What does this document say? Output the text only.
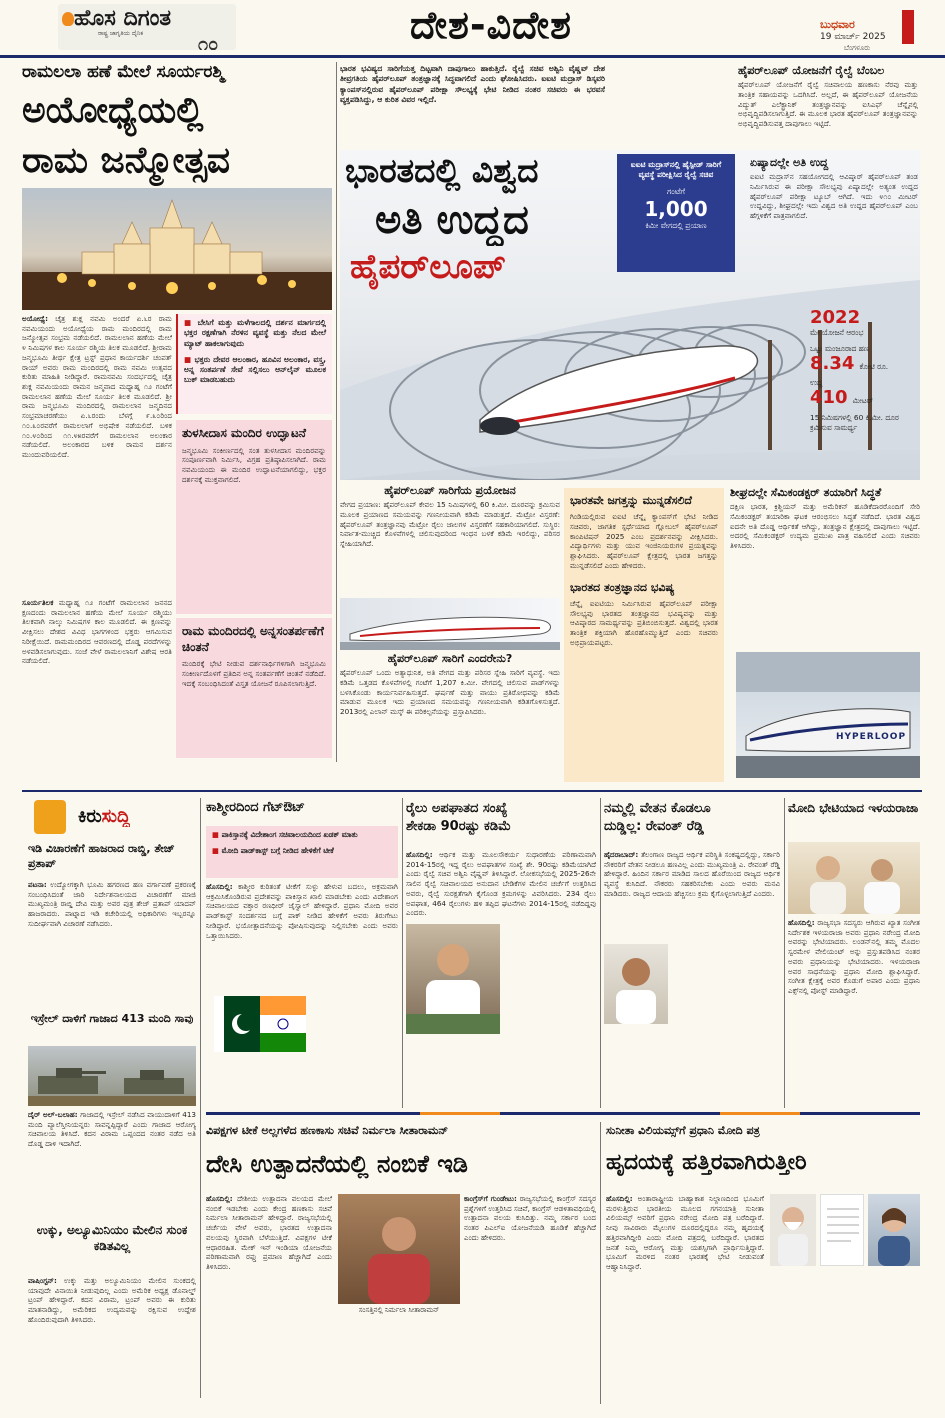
ಹೊಸ ದಿಗಂತ
ರಾಷ್ಟ್ರ ಜಾಗೃತಿಯ ದೈನಿಕ
೧೦	ದೇಶ-ವಿದೇಶ	ಬುಧವಾರ
19 ಮಾರ್ಚ್ 2025
ಬೆಂಗಳೂರು
ರಾಮಲಲಾ ಹಣೆ ಮೇಲೆ ಸೂರ್ಯರಶ್ಮಿ
ಅಯೋಧ್ಯೆಯಲ್ಲಿ
ರಾಮ ಜನ್ಮೋತ್ಸವ
ಅಯೋಧ್ಯೆ: ಚೈತ್ರ ಶುಕ್ಲ ನವಮಿ ಅಂದರೆ ಏ.೬ರ ರಾಮ ನವಮಿಯಂದು ಅಯೋಧ್ಯೆಯ ರಾಮ ಮಂದಿರದಲ್ಲಿ ರಾಮ ಜನ್ಮೋತ್ಸವ ಸಂಭ್ರಮ ನಡೆಯಲಿದೆ. ರಾಮಲಲಾನ ಹಣೆಯ ಮೇಲೆ ೪ ನಿಮಿಷಗಳ ಕಾಲ ಸೂರ್ಯ ರಶ್ಮಿಯ ತಿಲಕ ಮೂಡಲಿದೆ. ಶ್ರೀರಾಮ ಜನ್ಮಭೂಮಿ ತೀರ್ಥ ಕ್ಷೇತ್ರ ಟ್ರಸ್ಟ್ ಪ್ರಧಾನ ಕಾರ್ಯದರ್ಶಿ ಚಂಪತ್ ರಾಯ್ ಅವರು ರಾಮ ಮಂದಿರದಲ್ಲಿ ರಾಮ ನವಮಿ ಉತ್ಸವದ ಕುರಿತು ಮಾಹಿತಿ ನೀಡಿದ್ದಾರೆ. ರಾಮನವಮಿ ಸಂದರ್ಭದಲ್ಲಿ ಚೈತ್ರ ಶುಕ್ಲ ನವಮಿಯಂದು ರಾಮನ ಜನ್ಮವಾದ ಮಧ್ಯಾಹ್ನ ೧೨ ಗಂಟೆಗೆ ರಾಮಲಲಾನ ಹಣೆಯ ಮೇಲೆ ಸೂರ್ಯ ತಿಲಕ ಮೂಡಲಿದೆ. ಶ್ರೀ ರಾಮ ಜನ್ಮಭೂಮಿ ಮಂದಿರದಲ್ಲಿ ರಾಮಲಲಾನ ಜನ್ಮದಿನದ ಸಂಭ್ರಮಾಚರಣೆಯು ಏ.೬ರಂದು ಬೆಳಗ್ಗೆ ೯.೩೦ರಿಂದ ೧೦.೩೦ರವರೆಗೆ ರಾಮಲಲಾಗೆ ಅಭಿಷೇಕ ನಡೆಯಲಿದೆ. ಬಳಿಕ ೧೦.೪೦ರಿಂದ ೧೧.೪೫ರವರೆಗೆ ರಾಮಲಲಾನ ಅಲಂಕಾರ ನಡೆಯಲಿದೆ. ಅಲಂಕಾರದ ಬಳಿಕ ರಾಮನ ದರ್ಶನ ಮುಂದುವರಿಯಲಿದೆ.
ಸೂರ್ಯತಿಲಕ ಮಧ್ಯಾಹ್ನ ೧೨ ಗಂಟೆಗೆ ರಾಮಲಲಾನ ಜನನದ ಕ್ಷಣದಂದು ರಾಮಲಲಾನ ಹಣೆಯ ಮೇಲೆ ಸೂರ್ಯ ರಶ್ಮಿಯು ತಿಲಕವಾಗಿ ನಾಲ್ಕು ನಿಮಿಷಗಳ ಕಾಲ ಮೂಡಲಿದೆ. ಈ ಕ್ಷಣವನ್ನು ವೀಕ್ಷಿಸಲು ದೇಶದ ವಿವಿಧ ಭಾಗಗಳಿಂದ ಭಕ್ತರು ಆಗಮಿಸುವ ನಿರೀಕ್ಷೆಯಿದೆ. ರಾಮಮಂದಿರದ ಆವರಣದಲ್ಲಿ ದೊಡ್ಡ ಪರದೆಗಳನ್ನು ಅಳವಡಿಸಲಾಗುವುದು. ಸಂಜೆ ವೇಳೆ ರಾಮಲಲಾನಿಗೆ ವಿಶೇಷ ಆರತಿ ನಡೆಯಲಿದೆ.
■ ಬೇಸಿಗೆ ಮತ್ತು ಮಳೆಗಾಲದಲ್ಲಿ ದರ್ಶನ ಮಾರ್ಗದಲ್ಲಿ ಭಕ್ತರ ರಕ್ಷಣೆಗಾಗಿ ನೆರಳಿನ ವ್ಯವಸ್ಥೆ ಮತ್ತು ನೆಲದ ಮೇಲೆ ಮ್ಯಾಟ್ ಹಾಕಲಾಗುವುದು
■ ಭಕ್ತರು ದೇವರ ಆಲಂಕಾರ, ಹೂವಿನ ಅಲಂಕಾರ, ವಸ್ತ್ರ, ಅನ್ನ ಸಂತರ್ಪಣೆ ಸೇವೆ ಸಲ್ಲಿಸಲು ಆನ್‌ಲೈನ್ ಮೂಲಕ ಬುಕ್ ಮಾಡಬಹುದು
ತುಳಸೀದಾಸ ಮಂದಿರ ಉದ್ಘಾಟನೆ
ಜನ್ಮಭೂಮಿ ಸಂಕೀರ್ಣದಲ್ಲಿ ಸಂತ ತುಳಸೀದಾಸ ಮಂದಿರವನ್ನು ಸಂಪೂರ್ಣವಾಗಿ ನಿರ್ಮಿಸಿ, ವಿಗ್ರಹ ಪ್ರತಿಷ್ಠಾಪಿಸಲಾಗಿದೆ. ರಾಮ ನವಮಿಯಂದು ಈ ಮಂದಿರ ಉದ್ಘಾಟನೆಯಾಗಲಿದ್ದು, ಭಕ್ತರ ದರ್ಶನಕ್ಕೆ ಮುಕ್ತವಾಗಲಿದೆ.
ರಾಮ ಮಂದಿರದಲ್ಲಿ ಅನ್ನಸಂತರ್ಪಣೆಗೆ ಚಿಂತನೆ
ಮಂದಿರಕ್ಕೆ ಭೇಟಿ ನೀಡುವ ದರ್ಶನಾರ್ಥಿಗಳಿಗಾಗಿ ಜನ್ಮಭೂಮಿ ಸಂಕೀರ್ಣದೊಳಗೆ ಪ್ರತಿದಿನ ಅನ್ನ ಸಂತರ್ಪಣೆಗೆ ಚಿಂತನೆ ನಡೆದಿದೆ. ಇದಕ್ಕೆ ಸಂಬಂಧಿಸಿದಂತೆ ವಿಸ್ತೃತ ಯೋಜನೆ ರೂಪಿಸಲಾಗುತ್ತಿದೆ.
ಭಾರತ ಭವಿಷ್ಯದ ಸಾರಿಗೆಯತ್ತ ದಿಟ್ಟವಾಗಿ ದಾಪುಗಾಲು ಹಾಕುತ್ತಿದೆ. ರೈಲ್ವೆ ಸಚಿವ ಅಶ್ವಿನಿ ವೈಷ್ಣವ್ ದೇಶ ತೀವ್ರಗತಿಯ ಹೈಪರ್‌ಲೂಪ್ ತಂತ್ರಜ್ಞಾನಕ್ಕೆ ಸಿದ್ಧವಾಗಲಿದೆ ಎಂದು ಘೋಷಿಸಿದರು. ಐಐಟಿ ಮದ್ರಾಸ್ ಡಿಸ್ಕವರಿ ಕ್ಯಾಂಪಸ್‌ನಲ್ಲಿರುವ ಹೈಪರ್‌ಲೂಪ್ ಪರೀಕ್ಷಾ ಸೌಲಭ್ಯಕ್ಕೆ ಭೇಟಿ ನೀಡಿದ ನಂತರ ಸಚಿವರು ಈ ಭರವಸೆ ವ್ಯಕ್ತಪಡಿಸಿದ್ದು, ಆ ಕುರಿತ ವಿವರ ಇಲ್ಲಿದೆ.
ಭಾರತದಲ್ಲಿ ವಿಶ್ವದ
ಅತಿ ಉದ್ದದ
ಹೈಪರ್‌ಲೂಪ್
ಐಐಟಿ ಮದ್ರಾಸ್‌ನಲ್ಲಿ ಹೈಸ್ಪೀಡ್ ಸಾರಿಗೆ ವ್ಯವಸ್ಥೆ ಪರೀಕ್ಷಿಸಿದ ರೈಲ್ವೆ ಸಚಿವ
ಗಂಟೆಗೆ
1,000
ಕಿಮೀ ವೇಗದಲ್ಲಿ ಪ್ರಯಾಣ
ಹೈಪರ್‌ಲೂಪ್ ಯೋಜನೆಗೆ ರೈಲ್ವೆ ಬೆಂಬಲ
ಹೈಪರ್‌ಲೂಪ್ ಯೋಜನೆಗೆ ರೈಲ್ವೆ ಸಚಿವಾಲಯ ಹಣಕಾಸು ನೆರವು ಮತ್ತು ತಾಂತ್ರಿಕ ಸಹಾಯವನ್ನು ಒದಗಿಸಿದೆ. ಅಲ್ಲದೆ, ಈ ಹೈಪರ್‌ಲೂಪ್ ಯೋಜನೆಯ ವಿದ್ಯುತ್ ಎಲೆಕ್ಟ್ರಾನಿಕ್ ತಂತ್ರಜ್ಞಾನವನ್ನು ಐಸಿಎಫ್ ಚೆನ್ನೈನಲ್ಲಿ ಅಭಿವೃದ್ಧಿಪಡಿಸಲಾಗುತ್ತಿದೆ. ಈ ಮೂಲಕ ಭಾರತ ಹೈಪರ್‌ಲೂಪ್ ತಂತ್ರಜ್ಞಾನವನ್ನು ಅಭಿವೃದ್ಧಿಪಡಿಸುವತ್ತ ದಾಪುಗಾಲು ಇಟ್ಟಿದೆ.
ಏಷ್ಯಾದಲ್ಲೇ ಅತಿ ಉದ್ದ
ಐಐಟಿ ಮದ್ರಾಸ್‌ನ ಸಹಯೋಗದಲ್ಲಿ ಆವಿಷ್ಕಾರ್ ಹೈಪರ್‌ಲೂಪ್ ತಂಡ ನಿರ್ಮಿಸಿರುವ ಈ ಪರೀಕ್ಷಾ ಸೌಲಭ್ಯವು ಏಷ್ಯಾದಲ್ಲೇ ಅತ್ಯಂತ ಉದ್ದದ ಹೈಪರ್‌ಲೂಪ್ ಪರೀಕ್ಷಾ ಟ್ಯೂಬ್ ಆಗಿದೆ. ಇದು ೪೧೦ ಮೀಟರ್ ಉದ್ದವಿದ್ದು, ಶೀಘ್ರದಲ್ಲೇ ಇದು ವಿಶ್ವದ ಅತಿ ಉದ್ದದ ಹೈಪರ್‌ಲೂಪ್ ಎಂಬ ಹೆಗ್ಗಳಿಕೆಗೆ ಪಾತ್ರವಾಗಲಿದೆ.
2022
ಮೇ ಯೋಜನೆ ಆರಂಭ
ಒಟ್ಟು ಮಂಜೂರಾದ ಹಣ
8.34 ಕೋಟಿ ರೂ.
ಉದ್ದ
410 ಮೀಟರ್
15 ನಿಮಿಷಗಳಲ್ಲಿ 60 ಕಿ.ಮೀ. ದೂರ ಕ್ರಮಿಸುವ ಸಾಮರ್ಥ್ಯ
ಹೈಪರ್‌ಲೂಪ್ ಸಾರಿಗೆಯ ಪ್ರಯೋಜನ
ವೇಗದ ಪ್ರಯಾಣ: ಹೈಪರ್‌ಲೂಪ್ ಕೇವಲ 15 ನಿಮಿಷಗಳಲ್ಲಿ 60 ಕಿ.ಮೀ. ದೂರವನ್ನು ಕ್ರಮಿಸುವ ಮೂಲಕ ಪ್ರಯಾಣದ ಸಮಯವನ್ನು ಗಣನೀಯವಾಗಿ ಕಡಿಮೆ ಮಾಡುತ್ತದೆ. ಮೆಟ್ರೋ ವಿಸ್ತರಣೆ: ಹೈಪರ್‌ಲೂಪ್ ತಂತ್ರಜ್ಞಾನವು ಮೆಟ್ರೋ ರೈಲು ಜಾಲಗಳ ವಿಸ್ತರಣೆಗೆ ಸಹಕಾರಿಯಾಗಲಿದೆ. ಸುಸ್ಥಿರ: ನಿರ್ವಾತ-ಮುಚ್ಚಿದ ಕೊಳವೆಗಳಲ್ಲಿ ಚಲಿಸುವುದರಿಂದ ಇಂಧನ ಬಳಕೆ ಕಡಿಮೆ ಇರಲಿದ್ದು, ಪರಿಸರ ಸ್ನೇಹಿಯಾಗಿದೆ.
ಹೈಪರ್‌ಲೂಪ್ ಸಾರಿಗೆ ಎಂದರೇನು?
ಹೈಪರ್‌ಲೂಪ್ ಒಂದು ಅತ್ಯಾಧುನಿಕ, ಅತಿ ವೇಗದ ಮತ್ತು ಪರಿಸರ ಸ್ನೇಹಿ ಸಾರಿಗೆ ವ್ಯವಸ್ಥೆ. ಇದು ಕಡಿಮೆ ಒತ್ತಡದ ಕೊಳವೆಗಳಲ್ಲಿ ಗಂಟೆಗೆ 1,207 ಕಿ.ಮೀ. ವೇಗದಲ್ಲಿ ಚಲಿಸುವ ಪಾಡ್‌ಗಳನ್ನು ಬಳಸಿಕೊಂಡು ಕಾರ್ಯನಿರ್ವಹಿಸುತ್ತದೆ. ಘರ್ಷಣೆ ಮತ್ತು ವಾಯು ಪ್ರತಿರೋಧವನ್ನು ಕಡಿಮೆ ಮಾಡುವ ಮೂಲಕ ಇದು ಪ್ರಯಾಣದ ಸಮಯವನ್ನು ಗಣನೀಯವಾಗಿ ಕಡಿತಗೊಳಿಸುತ್ತದೆ. 2013ರಲ್ಲಿ ಎಲಾನ್ ಮಸ್ಕ್ ಈ ಪರಿಕಲ್ಪನೆಯನ್ನು ಪ್ರಸ್ತಾಪಿಸಿದರು.
ಭಾರತವೇ ಜಗತ್ತನ್ನು ಮುನ್ನಡೆಸಲಿದೆ
ಗಿಂಡಿಯಲ್ಲಿರುವ ಐಐಟಿ ಚೆನ್ನೈ ಕ್ಯಾಂಪಸ್‌ಗೆ ಭೇಟಿ ನೀಡಿದ ಸಚಿವರು, ಜಾಗತಿಕ ಸ್ಪರ್ಧೆಯಾದ ಗ್ಲೋಬಲ್ ಹೈಪರ್‌ಲೂಪ್ ಕಾಂಪಿಟಿಷನ್ 2025 ಎಂಬ ಪ್ರದರ್ಶನವನ್ನು ವೀಕ್ಷಿಸಿದರು. ವಿದ್ಯಾರ್ಥಿಗಳು ಮತ್ತು ಯುವ ಇಂಜಿನಿಯರುಗಳ ಪ್ರಯತ್ನವನ್ನು ಶ್ಲಾಘಿಸಿದರು. ಹೈಪರ್‌ಲೂಪ್ ಕ್ಷೇತ್ರದಲ್ಲಿ ಭಾರತ ಜಗತ್ತನ್ನು ಮುನ್ನಡೆಸಲಿದೆ ಎಂದು ಹೇಳಿದರು.
ಭಾರತದ ತಂತ್ರಜ್ಞಾನದ ಭವಿಷ್ಯ
ಚೆನ್ನೈ ಐಐಟಿಯು ನಿರ್ಮಿಸಿರುವ ಹೈಪರ್‌ಲೂಪ್ ಪರೀಕ್ಷಾ ಸೌಲಭ್ಯವು ಭಾರತದ ತಂತ್ರಜ್ಞಾನದ ಭವಿಷ್ಯವನ್ನು ಮತ್ತು ಆವಿಷ್ಕಾರದ ಸಾಮರ್ಥ್ಯವನ್ನು ಪ್ರತಿಬಿಂಬಿಸುತ್ತದೆ. ವಿಶ್ವದಲ್ಲಿ ಭಾರತ ತಾಂತ್ರಿಕ ಶಕ್ತಿಯಾಗಿ ಹೊರಹೊಮ್ಮುತ್ತಿದೆ ಎಂದು ಸಚಿವರು ಅಭಿಪ್ರಾಯಪಟ್ಟರು.
ಶೀಘ್ರದಲ್ಲೇ ಸೆಮಿಕಂಡಕ್ಟರ್ ತಯಾರಿಗೆ ಸಿದ್ಧತೆ
ದಕ್ಷಿಣ ಭಾರತ, ಕ್ರಿಶ್ಚಿಯನ್ ಮತ್ತು ಅಮೆರಿಕನ್ ಹೂಡಿಕೆದಾರರೊಂದಿಗೆ ಸೇರಿ ಸೆಮಿಕಂಡಕ್ಟರ್ ತಯಾರಿಕಾ ಘಟಕ ಆರಂಭಿಸಲು ಸಿದ್ಧತೆ ನಡೆದಿದೆ. ಭಾರತ ವಿಶ್ವದ ಐದನೇ ಅತಿ ದೊಡ್ಡ ಆರ್ಥಿಕತೆ ಆಗಿದ್ದು, ತಂತ್ರಜ್ಞಾನ ಕ್ಷೇತ್ರದಲ್ಲಿ ದಾಪುಗಾಲು ಇಟ್ಟಿದೆ. ಅದರಲ್ಲಿ ಸೆಮಿಕಂಡಕ್ಟರ್ ಉದ್ಯಮ ಪ್ರಮುಖ ಪಾತ್ರ ವಹಿಸಲಿದೆ ಎಂದು ಸಚಿವರು ತಿಳಿಸಿದರು.
HYPERLOOP
ಕಿರುಸುದ್ದಿ
ಇಡಿ ವಿಚಾರಣೆಗೆ ಹಾಜರಾದ ರಾಬ್ಡಿ, ತೇಜ್ ಪ್ರತಾಪ್
ಪಟನಾ: ಉದ್ಯೋಗಕ್ಕಾಗಿ ಭೂಮಿ ಹಗರಣದ ಹಣ ವರ್ಗಾವಣೆ ಪ್ರಕರಣಕ್ಕೆ ಸಂಬಂಧಿಸಿದಂತೆ ಜಾರಿ ನಿರ್ದೇಶನಾಲಯದ ವಿಚಾರಣೆಗೆ ಮಾಜಿ ಮುಖ್ಯಮಂತ್ರಿ ರಾಬ್ಡಿ ದೇವಿ ಮತ್ತು ಅವರ ಪುತ್ರ ತೇಜ್ ಪ್ರತಾಪ್ ಯಾದವ್ ಹಾಜರಾದರು. ಪಾಟ್ನಾದ ಇಡಿ ಕಚೇರಿಯಲ್ಲಿ ಅಧಿಕಾರಿಗಳು ಇಬ್ಬರನ್ನೂ ಸುದೀರ್ಘವಾಗಿ ವಿಚಾರಣೆ ನಡೆಸಿದರು.
ಇಸ್ರೇಲ್ ದಾಳಿಗೆ ಗಾಜಾದ 413 ಮಂದಿ ಸಾವು
ದೈರ್ ಅಲ್-ಬಲಾಹ: ಗಾಜಾದಲ್ಲಿ ಇಸ್ರೇಲ್ ನಡೆಸಿದ ವಾಯುದಾಳಿಗೆ 413 ಮಂದಿ ಪ್ಯಾಲೆಸ್ತೀನಿಯನ್ನರು ಸಾವನ್ನಪ್ಪಿದ್ದಾರೆ ಎಂದು ಗಾಜಾದ ಆರೋಗ್ಯ ಸಚಿವಾಲಯ ತಿಳಿಸಿದೆ. ಕದನ ವಿರಾಮ ಒಪ್ಪಂದದ ನಂತರ ನಡೆದ ಅತಿ ದೊಡ್ಡ ದಾಳಿ ಇದಾಗಿದೆ.
ಉಕ್ಕು, ಅಲ್ಯೂಮಿನಿಯಂ ಮೇಲಿನ ಸುಂಕ ಕಡಿತವಿಲ್ಲ
ವಾಷಿಂಗ್ಟನ್: ಉಕ್ಕು ಮತ್ತು ಅಲ್ಯೂಮಿನಿಯಂ ಮೇಲಿನ ಸುಂಕದಲ್ಲಿ ಯಾವುದೇ ವಿನಾಯಿತಿ ನೀಡುವುದಿಲ್ಲ ಎಂದು ಅಮೆರಿಕ ಅಧ್ಯಕ್ಷ ಡೊನಾಲ್ಡ್ ಟ್ರಂಪ್ ಹೇಳಿದ್ದಾರೆ. ಕದನ ವಿರಾಮ, ಟ್ರಂಪ್ ಅವರು ಈ ಕುರಿತು ಮಾತನಾಡಿದ್ದು, ಅಮೆರಿಕದ ಉದ್ಯಮವನ್ನು ರಕ್ಷಿಸುವ ಉದ್ದೇಶ ಹೊಂದಿರುವುದಾಗಿ ತಿಳಿಸಿದರು.
ಕಾಶ್ಮೀರದಿಂದ ಗೆಟ್‌ಔಟ್
■ ಪಾಕಿಸ್ತಾನಕ್ಕೆ ವಿದೇಶಾಂಗ ಸಚಿವಾಲಯದಿಂದ ಖಡಕ್ ಮಾತು
■ ಮೋದಿ ಪಾಡ್‌ಕಾಸ್ಟ್ ಬಗ್ಗೆ ನೀಡಿದ ಹೇಳಿಕೆಗೆ ಟೀಕೆ
ಹೊಸದಿಲ್ಲಿ: ಕಾಶ್ಮೀರ ಕುರಿತಂತೆ ಟೀಕೆಗೆ ಸುಳ್ಳು ಹೇಳುವ ಬದಲು, ಅಕ್ರಮವಾಗಿ ಆಕ್ರಮಿಸಿಕೊಂಡಿರುವ ಪ್ರದೇಶವನ್ನು ಪಾಕಿಸ್ತಾನ ಖಾಲಿ ಮಾಡಬೇಕು ಎಂದು ವಿದೇಶಾಂಗ ಸಚಿವಾಲಯದ ವಕ್ತಾರ ರಣಧೀರ್ ಜೈಸ್ವಾಲ್ ಹೇಳಿದ್ದಾರೆ. ಪ್ರಧಾನಿ ಮೋದಿ ಅವರ ಪಾಡ್‌ಕಾಸ್ಟ್ ಸಂದರ್ಶನದ ಬಗ್ಗೆ ಪಾಕ್ ನೀಡಿದ ಹೇಳಿಕೆಗೆ ಅವರು ತಿರುಗೇಟು ನೀಡಿದ್ದಾರೆ. ಭಯೋತ್ಪಾದನೆಯನ್ನು ಪೋಷಿಸುವುದನ್ನು ನಿಲ್ಲಿಸಬೇಕು ಎಂದು ಅವರು ಒತ್ತಾಯಿಸಿದರು.
ರೈಲು ಅಪಘಾತದ ಸಂಖ್ಯೆ
ಶೇಕಡಾ 90ರಷ್ಟು ಕಡಿಮೆ
ಹೊಸದಿಲ್ಲಿ: ಆರ್ಥಿಕ ಮತ್ತು ಮೂಲಸೌಕರ್ಯ ಸುಧಾರಣೆಯ ಪರಿಣಾಮವಾಗಿ 2014-15ರಲ್ಲಿ ಇದ್ದ ರೈಲು ಅಪಘಾತಗಳ ಸಂಖ್ಯೆ ಶೇ. 90ರಷ್ಟು ಕಡಿಮೆಯಾಗಿದೆ ಎಂದು ರೈಲ್ವೆ ಸಚಿವ ಅಶ್ವಿನಿ ವೈಷ್ಣವ್ ತಿಳಿಸಿದ್ದಾರೆ. ಲೋಕಸಭೆಯಲ್ಲಿ 2025-26ನೇ ಸಾಲಿನ ರೈಲ್ವೆ ಸಚಿವಾಲಯದ ಅನುದಾನ ಬೇಡಿಕೆಗಳ ಮೇಲಿನ ಚರ್ಚೆಗೆ ಉತ್ತರಿಸಿದ ಅವರು, ರೈಲ್ವೆ ಸುರಕ್ಷತೆಗಾಗಿ ಕೈಗೊಂಡ ಕ್ರಮಗಳನ್ನು ವಿವರಿಸಿದರು. 234 ರೈಲು ಅಪಘಾತ, 464 ರೈಲುಗಳು ಹಳಿ ತಪ್ಪಿದ ಘಟನೆಗಳು 2014-15ರಲ್ಲಿ ನಡೆದಿದ್ದವು ಎಂದರು.
ನಮ್ಮಲ್ಲಿ ವೇತನ ಕೊಡಲೂ
ದುಡ್ಡಿಲ್ಲ: ರೇವಂತ್ ರೆಡ್ಡಿ
ಹೈದರಾಬಾದ್: ತೆಲಂಗಾಣ ರಾಜ್ಯದ ಆರ್ಥಿಕ ಪರಿಸ್ಥಿತಿ ಸಂಕಷ್ಟದಲ್ಲಿದ್ದು, ಸರ್ಕಾರಿ ನೌಕರರಿಗೆ ವೇತನ ನೀಡಲೂ ಹಣವಿಲ್ಲ ಎಂದು ಮುಖ್ಯಮಂತ್ರಿ ಎ. ರೇವಂತ್ ರೆಡ್ಡಿ ಹೇಳಿದ್ದಾರೆ. ಹಿಂದಿನ ಸರ್ಕಾರ ಮಾಡಿದ ಸಾಲದ ಹೊರೆಯಿಂದ ರಾಜ್ಯದ ಆರ್ಥಿಕ ವ್ಯವಸ್ಥೆ ಕುಸಿದಿದೆ. ನೌಕರರು ಸಹಕರಿಸಬೇಕು ಎಂದು ಅವರು ಮನವಿ ಮಾಡಿದರು. ರಾಜ್ಯದ ಆದಾಯ ಹೆಚ್ಚಿಸಲು ಕ್ರಮ ಕೈಗೊಳ್ಳಲಾಗುತ್ತಿದೆ ಎಂದರು.
ಮೋದಿ ಭೇಟಿಯಾದ ಇಳಯರಾಜಾ
ಹೊಸದಿಲ್ಲಿ: ರಾಜ್ಯಸಭಾ ಸದಸ್ಯರು ಆಗಿರುವ ಖ್ಯಾತ ಸಂಗೀತ ನಿರ್ದೇಶಕ ಇಳಯರಾಜಾ ಅವರು ಪ್ರಧಾನಿ ನರೇಂದ್ರ ಮೋದಿ ಅವರನ್ನು ಭೇಟಿಯಾದರು. ಲಂಡನ್‌ನಲ್ಲಿ ತಮ್ಮ ಮೊದಲ ಸ್ವರಮೇಳ ವೇಲಿಯಂಟ್ ಅನ್ನು ಪ್ರಸ್ತುತಪಡಿಸಿದ ನಂತರ ಅವರು ಪ್ರಧಾನಿಯನ್ನು ಭೇಟಿಯಾದರು. ಇಳಯರಾಜಾ ಅವರ ಸಾಧನೆಯನ್ನು ಪ್ರಧಾನಿ ಮೋದಿ ಶ್ಲಾಘಿಸಿದ್ದಾರೆ. ಸಂಗೀತ ಕ್ಷೇತ್ರಕ್ಕೆ ಅವರ ಕೊಡುಗೆ ಅಪಾರ ಎಂದು ಪ್ರಧಾನಿ ಎಕ್ಸ್‌ನಲ್ಲಿ ಪೋಸ್ಟ್ ಮಾಡಿದ್ದಾರೆ.
ವಿಪಕ್ಷಗಳ ಟೀಕೆ ಅಲ್ಲಗಳೆದ ಹಣಕಾಸು ಸಚಿವೆ ನಿರ್ಮಲಾ ಸೀತಾರಾಮನ್
ದೇಸಿ ಉತ್ಪಾದನೆಯಲ್ಲಿ ನಂಬಿಕೆ ಇಡಿ
ಹೊಸದಿಲ್ಲಿ: ದೇಶೀಯ ಉತ್ಪಾದನಾ ವಲಯದ ಮೇಲೆ ನಂಬಿಕೆ ಇಡಬೇಕು ಎಂದು ಕೇಂದ್ರ ಹಣಕಾಸು ಸಚಿವೆ ನಿರ್ಮಲಾ ಸೀತಾರಾಮನ್ ಹೇಳಿದ್ದಾರೆ. ರಾಜ್ಯಸಭೆಯಲ್ಲಿ ಚರ್ಚೆಯ ವೇಳೆ ಅವರು, ಭಾರತದ ಉತ್ಪಾದನಾ ವಲಯವು ಸ್ಥಿರವಾಗಿ ಬೆಳೆಯುತ್ತಿದೆ. ವಿಪಕ್ಷಗಳ ಟೀಕೆ ಆಧಾರರಹಿತ. ಮೇಕ್ ಇನ್ ಇಂಡಿಯಾ ಯೋಜನೆಯ ಪರಿಣಾಮವಾಗಿ ರಫ್ತು ಪ್ರಮಾಣ ಹೆಚ್ಚಾಗಿದೆ ಎಂದು ತಿಳಿಸಿದರು.
ಸಂಸತ್ತಿನಲ್ಲಿ ನಿರ್ಮಲಾ ಸೀತಾರಾಮನ್
ಕಾಂಗ್ರೆಸ್‌ಗೆ ಗುಂಡೇಟು: ರಾಜ್ಯಸಭೆಯಲ್ಲಿ ಕಾಂಗ್ರೆಸ್ ಸದಸ್ಯರ ಪ್ರಶ್ನೆಗಳಿಗೆ ಉತ್ತರಿಸಿದ ಸಚಿವೆ, ಕಾಂಗ್ರೆಸ್ ಆಡಳಿತಾವಧಿಯಲ್ಲಿ ಉತ್ಪಾದನಾ ವಲಯ ಕುಸಿದಿತ್ತು. ನಮ್ಮ ಸರ್ಕಾರ ಬಂದ ನಂತರ ಪಿಎಲ್‌ಐ ಯೋಜನೆಯಡಿ ಹೂಡಿಕೆ ಹೆಚ್ಚಾಗಿದೆ ಎಂದು ಹೇಳಿದರು.
ಸುನೀತಾ ವಿಲಿಯಮ್ಸ್‌ಗೆ ಪ್ರಧಾನಿ ಮೋದಿ ಪತ್ರ
ಹೃದಯಕ್ಕೆ ಹತ್ತಿರವಾಗಿರುತ್ತೀರಿ
ಹೊಸದಿಲ್ಲಿ: ಅಂತಾರಾಷ್ಟ್ರೀಯ ಬಾಹ್ಯಾಕಾಶ ನಿಲ್ದಾಣದಿಂದ ಭೂಮಿಗೆ ಮರಳುತ್ತಿರುವ ಭಾರತೀಯ ಮೂಲದ ಗಗನಯಾತ್ರಿ ಸುನೀತಾ ವಿಲಿಯಮ್ಸ್ ಅವರಿಗೆ ಪ್ರಧಾನಿ ನರೇಂದ್ರ ಮೋದಿ ಪತ್ರ ಬರೆದಿದ್ದಾರೆ. ನೀವು ಸಾವಿರಾರು ಮೈಲುಗಳ ದೂರದಲ್ಲಿದ್ದರೂ ನಮ್ಮ ಹೃದಯಕ್ಕೆ ಹತ್ತಿರವಾಗಿದ್ದೀರಿ ಎಂದು ಮೋದಿ ಪತ್ರದಲ್ಲಿ ಬರೆದಿದ್ದಾರೆ. ಭಾರತದ ಜನತೆ ನಿಮ್ಮ ಆರೋಗ್ಯ ಮತ್ತು ಯಶಸ್ಸಿಗಾಗಿ ಪ್ರಾರ್ಥಿಸುತ್ತಿದ್ದಾರೆ. ಭೂಮಿಗೆ ಮರಳಿದ ನಂತರ ಭಾರತಕ್ಕೆ ಭೇಟಿ ನೀಡುವಂತೆ ಆಹ್ವಾನಿಸಿದ್ದಾರೆ.
